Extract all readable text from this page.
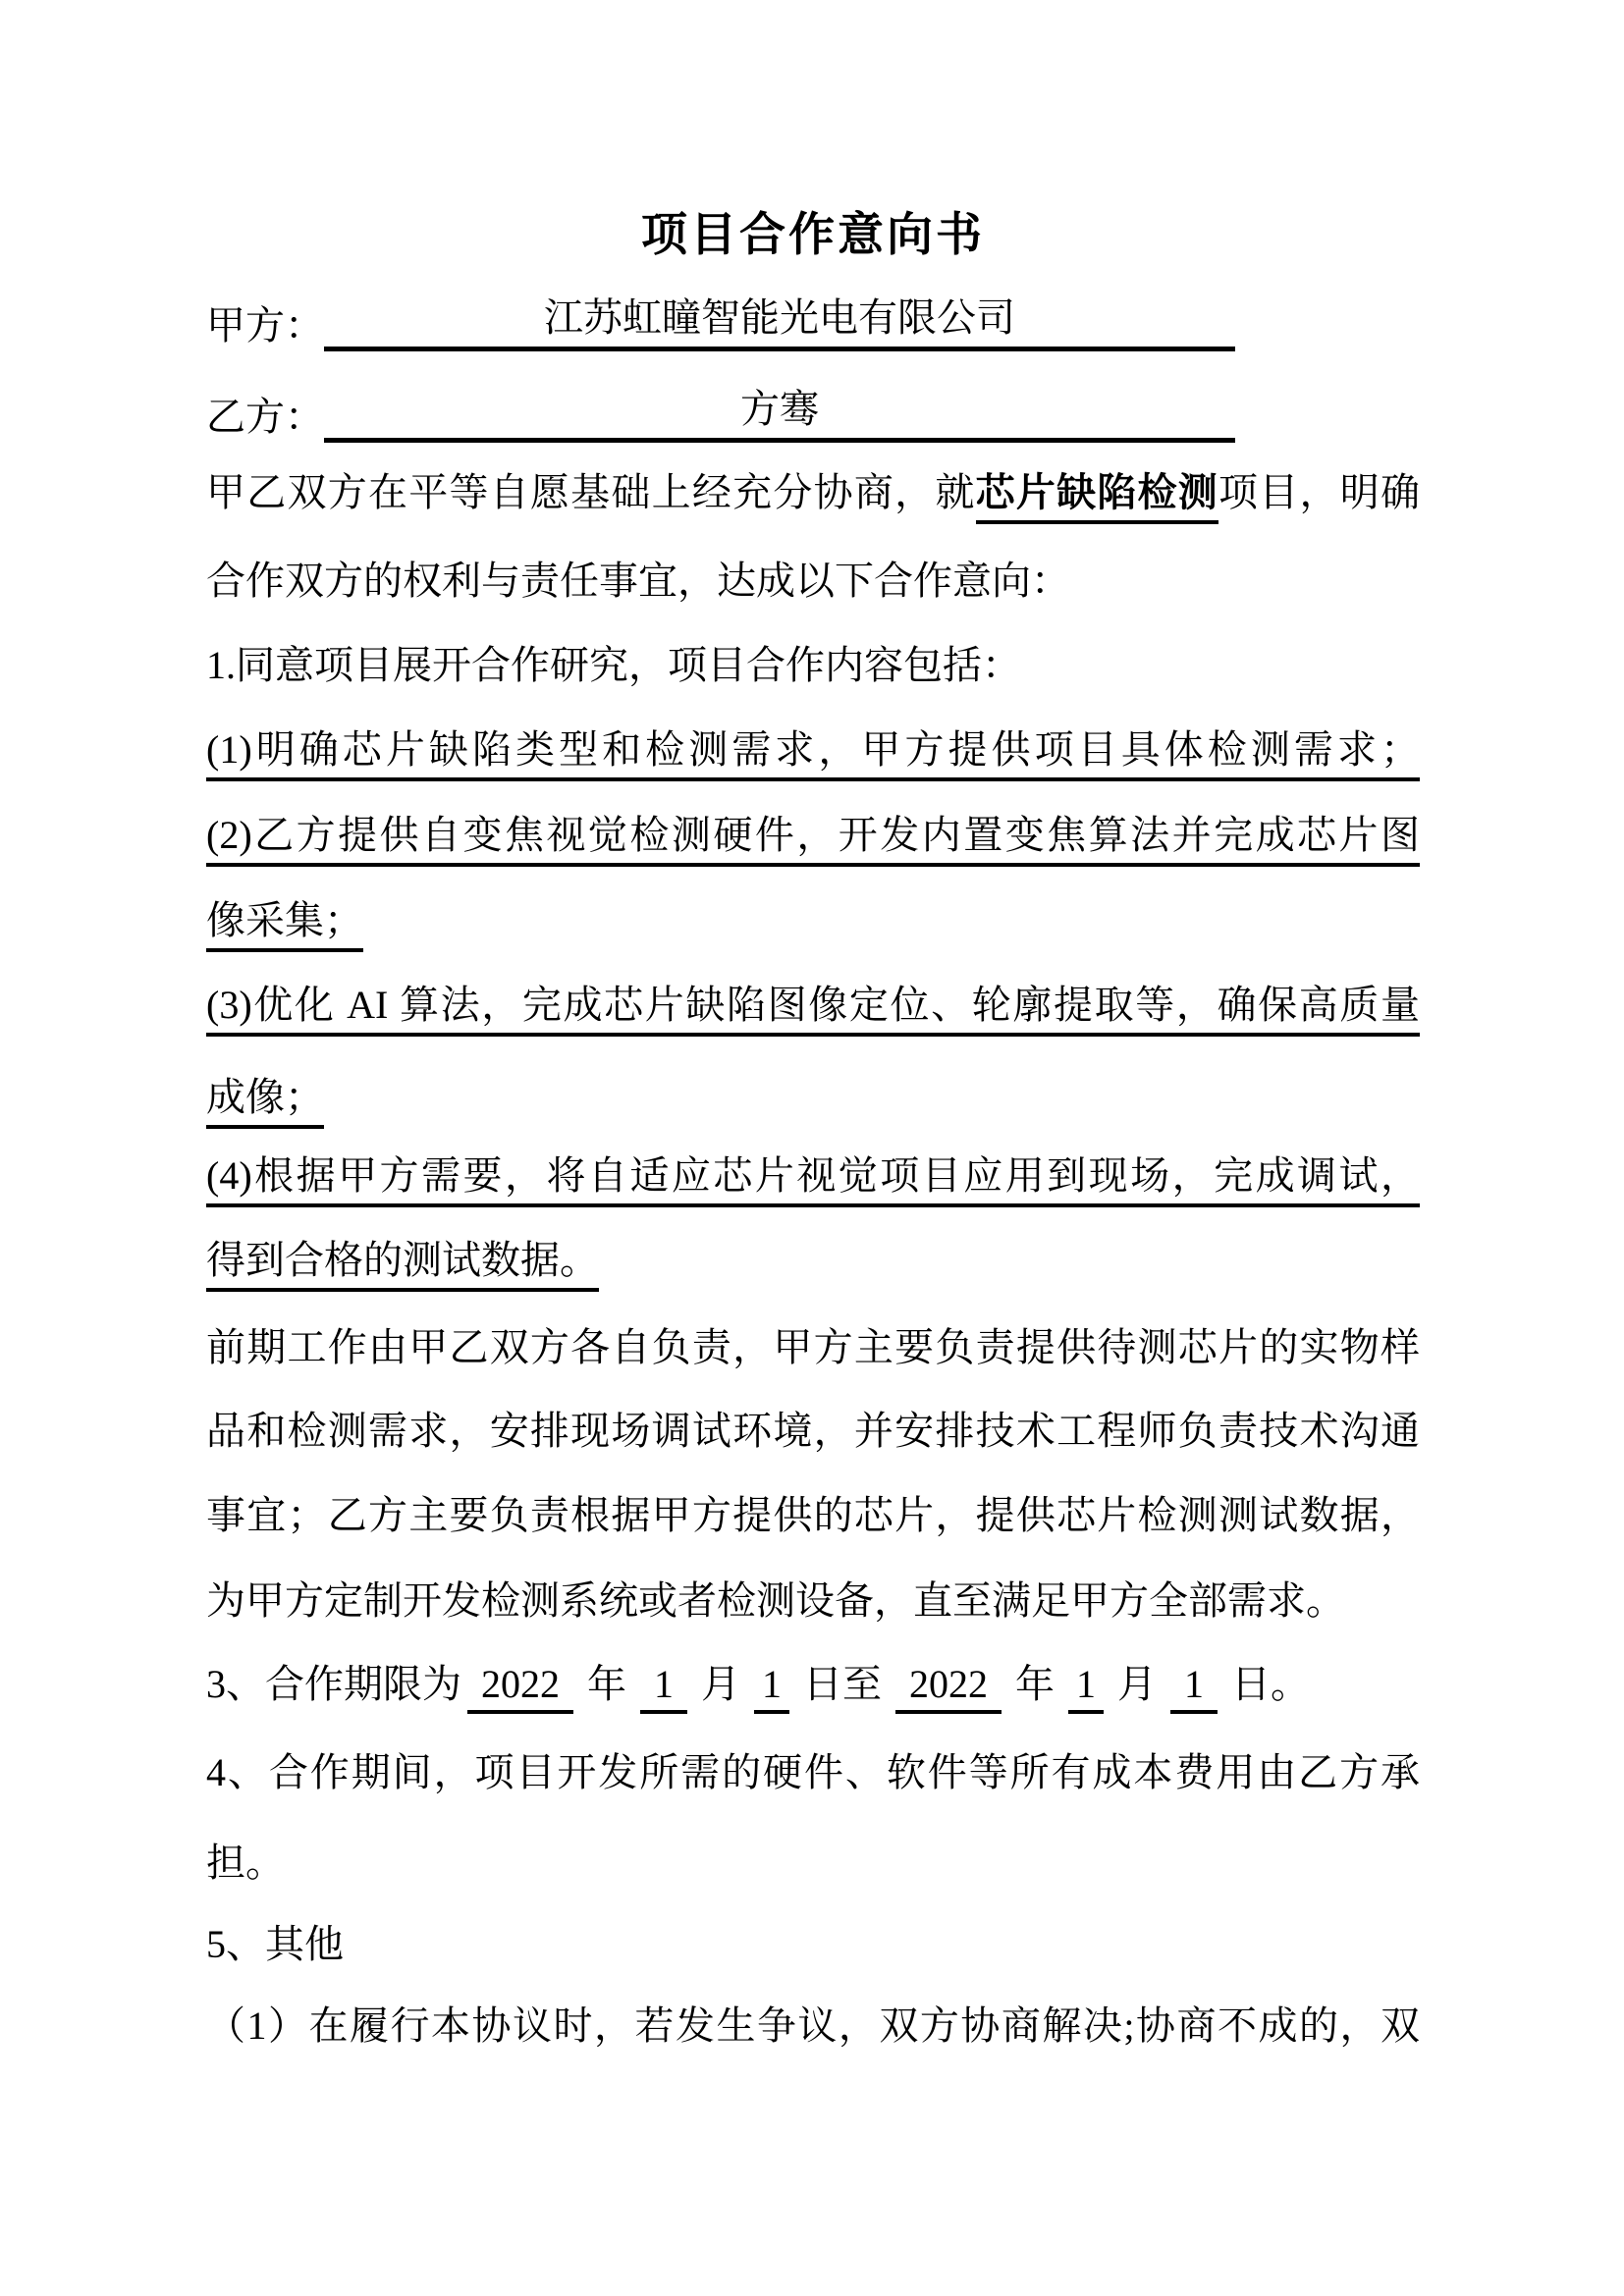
项目合作意向书
甲方：	江苏虹瞳智能光电有限公司
乙方：	方骞
甲乙双方在平等自愿基础上经充分协商，就芯片缺陷检测项目，明确
合作双方的权利与责任事宜，达成以下合作意向：
1.同意项目展开合作研究，项目合作内容包括：
(1)明确芯片缺陷类型和检测需求，甲方提供项目具体检测需求；
(2)乙方提供自变焦视觉检测硬件，开发内置变焦算法并完成芯片图
像采集；
(3)优化 AI 算法，完成芯片缺陷图像定位、轮廓提取等，确保高质量
成像；
(4)根据甲方需要，将自适应芯片视觉项目应用到现场，完成调试，
得到合格的测试数据。
前期工作由甲乙双方各自负责，甲方主要负责提供待测芯片的实物样
品和检测需求，安排现场调试环境，并安排技术工程师负责技术沟通
事宜；乙方主要负责根据甲方提供的芯片，提供芯片检测测试数据，
为甲方定制开发检测系统或者检测设备，直至满足甲方全部需求。
3、合作期限为 2022 年 1 月 1 日至 2022 年 1 月 1 日。
4、合作期间，项目开发所需的硬件、软件等所有成本费用由乙方承
担。
5、其他
（1）在履行本协议时，若发生争议，双方协商解决;协商不成的，双
